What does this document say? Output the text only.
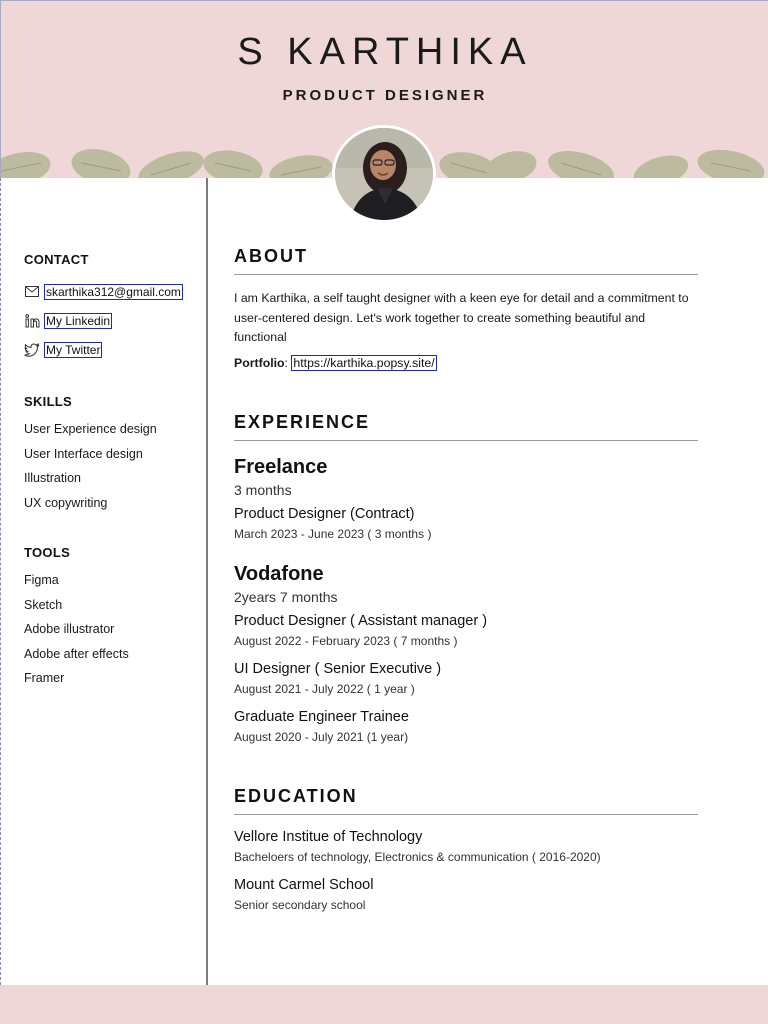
S KARTHIKA
PRODUCT DESIGNER
CONTACT
skarthika312@gmail.com
My Linkedin
My Twitter
SKILLS
User Experience design
User Interface design
Illustration
UX copywriting
TOOLS
Figma
Sketch
Adobe illustrator
Adobe after effects
Framer
ABOUT
I am Karthika, a self taught designer with a keen eye for detail and a commitment to user-centered design. Let's work together to create something beautiful and functional
Portfolio: https://karthika.popsy.site/
EXPERIENCE
Freelance
3 months
Product Designer (Contract)
March 2023 - June 2023 ( 3 months )
Vodafone
2years 7 months
Product Designer ( Assistant manager )
August 2022 - February 2023 ( 7 months )
UI Designer ( Senior Executive )
August 2021 - July 2022 ( 1 year )
Graduate Engineer Trainee
August 2020 - July 2021 (1 year)
EDUCATION
Vellore Institue of Technology
Bacheloers of technology, Electronics & communication ( 2016-2020)
Mount Carmel School
Senior secondary school
